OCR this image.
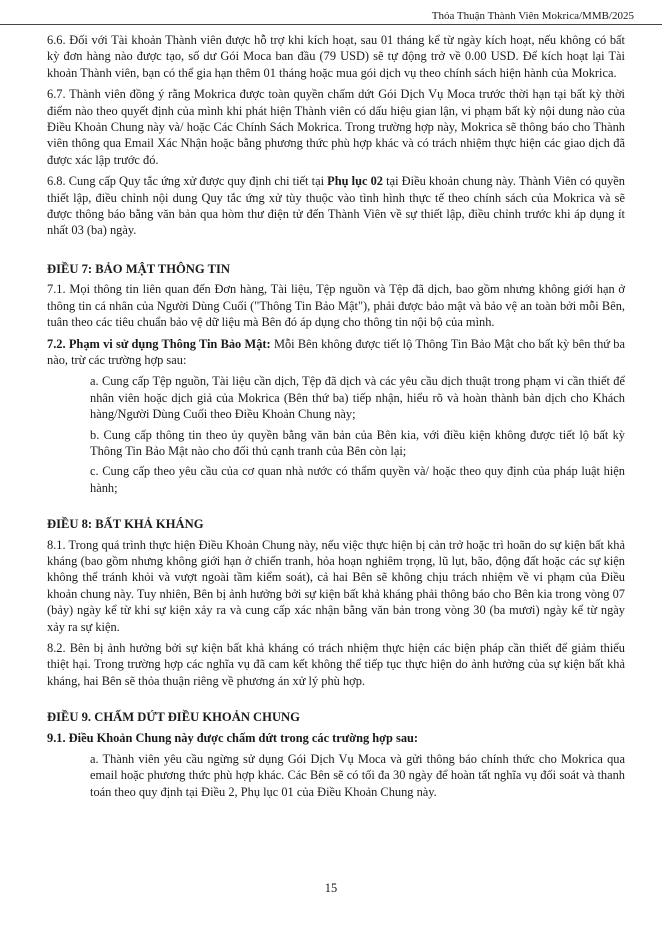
Thỏa Thuận Thành Viên Mokrica/MMB/2025

6.6. Đối với Tài khoản Thành viên được hỗ trợ khi kích hoạt, sau 01 tháng kể từ ngày kích hoạt, nếu không có bất kỳ đơn hàng nào được tạo, số dư Gói Moca ban đầu (79 USD) sẽ tự động trở về 0.00 USD. Để kích hoạt lại Tài khoản Thành viên, bạn có thể gia hạn thêm 01 tháng hoặc mua gói dịch vụ theo chính sách hiện hành của Mokrica.

6.7. Thành viên đồng ý rằng Mokrica được toàn quyền chấm dứt Gói Dịch Vụ Moca trước thời hạn tại bất kỳ thời điểm nào theo quyết định của mình khi phát hiện Thành viên có dấu hiệu gian lận, vi phạm bất kỳ nội dung nào của Điều Khoản Chung này và/ hoặc Các Chính Sách Mokrica. Trong trường hợp này, Mokrica sẽ thông báo cho Thành viên thông qua Email Xác Nhận hoặc bằng phương thức phù hợp khác và có trách nhiệm thực hiện các giao dịch đã được xác lập trước đó.

6.8. Cung cấp Quy tắc ứng xử được quy định chi tiết tại Phụ lục 02 tại Điều khoản chung này. Thành Viên có quyền thiết lập, điều chỉnh nội dung Quy tắc ứng xử tùy thuộc vào tình hình thực tế theo chính sách của Mokrica và sẽ được thông báo bằng văn bản qua hòm thư điện tử đến Thành Viên về sự thiết lập, điều chỉnh trước khi áp dụng ít nhất 03 (ba) ngày.

ĐIỀU 7: BẢO MẬT THÔNG TIN

7.1. Mọi thông tin liên quan đến Đơn hàng, Tài liệu, Tệp nguồn và Tệp đã dịch, bao gồm nhưng không giới hạn ở thông tin cá nhân của Người Dùng Cuối ("Thông Tin Bảo Mật"), phải được bảo mật và bảo vệ an toàn bởi mỗi Bên, tuân theo các tiêu chuẩn bảo vệ dữ liệu mà Bên đó áp dụng cho thông tin nội bộ của mình.

7.2. Phạm vi sử dụng Thông Tin Bảo Mật: Mỗi Bên không được tiết lộ Thông Tin Bảo Mật cho bất kỳ bên thứ ba nào, trừ các trường hợp sau:

a. Cung cấp Tệp nguồn, Tài liệu cần dịch, Tệp đã dịch và các yêu cầu dịch thuật trong phạm vi cần thiết để nhân viên hoặc dịch giả của Mokrica (Bên thứ ba) tiếp nhận, hiểu rõ và hoàn thành bản dịch cho Khách hàng/Người Dùng Cuối theo Điều Khoản Chung này;

b. Cung cấp thông tin theo ủy quyền bằng văn bản của Bên kia, với điều kiện không được tiết lộ bất kỳ Thông Tin Bảo Mật nào cho đối thủ cạnh tranh của Bên còn lại;

c. Cung cấp theo yêu cầu của cơ quan nhà nước có thẩm quyền và/ hoặc theo quy định của pháp luật hiện hành;

ĐIỀU 8: BẤT KHẢ KHÁNG

8.1. Trong quá trình thực hiện Điều Khoản Chung này, nếu việc thực hiện bị cản trở hoặc trì hoãn do sự kiện bất khả kháng (bao gồm nhưng không giới hạn ở chiến tranh, hỏa hoạn nghiêm trọng, lũ lụt, bão, động đất hoặc các sự kiện không thể tránh khỏi và vượt ngoài tầm kiểm soát), cả hai Bên sẽ không chịu trách nhiệm về vi phạm của Điều khoản chung này. Tuy nhiên, Bên bị ảnh hưởng bởi sự kiện bất khả kháng phải thông báo cho Bên kia trong vòng 07 (bảy) ngày kể từ khi sự kiện xảy ra và cung cấp xác nhận bằng văn bản trong vòng 30 (ba mươi) ngày kể từ ngày xảy ra sự kiện.

8.2. Bên bị ảnh hưởng bởi sự kiện bất khả kháng có trách nhiệm thực hiện các biện pháp cần thiết để giảm thiểu thiệt hại. Trong trường hợp các nghĩa vụ đã cam kết không thể tiếp tục thực hiện do ảnh hưởng của sự kiện bất khả kháng, hai Bên sẽ thỏa thuận riêng về phương án xử lý phù hợp.

ĐIỀU 9. CHẤM DỨT ĐIỀU KHOẢN CHUNG

9.1. Điều Khoản Chung này được chấm dứt trong các trường hợp sau:

a. Thành viên yêu cầu ngừng sử dụng Gói Dịch Vụ Moca và gửi thông báo chính thức cho Mokrica qua email hoặc phương thức phù hợp khác. Các Bên sẽ có tối đa 30 ngày để hoàn tất nghĩa vụ đối soát và thanh toán theo quy định tại Điều 2, Phụ lục 01 của Điều Khoản Chung này.

15
